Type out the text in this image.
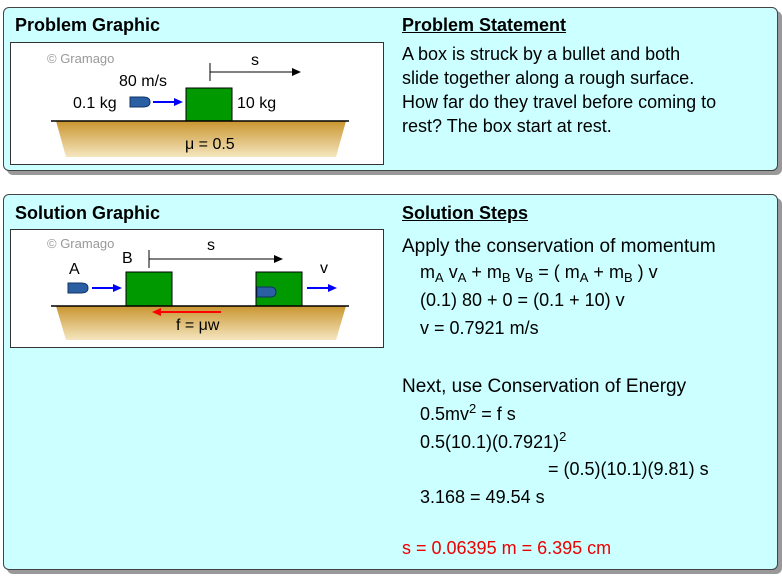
Problem Graphic	Problem Statement
© Gramago	s
80 m/s
0.1 kg	10 kg
μ = 0.5
A box is struck by a bullet and both
slide together along a rough surface.
How far do they travel before coming to
rest? The box start at rest.
Solution Graphic	Solution Steps
© Gramago	s
A
B
v
f = μw
Apply the conservation of momentum
$m_A$ $v_A + m_B$ $v_B$ = ( $m_A + m_B$ ) v
(0.1) 80 + 0 = (0.1 + 10) v
v = 0.7921 m/s
Next, use Conservation of Energy
$0.5mv^2 = f$ s
$0.5(10.1)(0.7921)^2$
= (0.5)(10.1)(9.81) s
3.168 = 49.54 s
s = 0.06395 m = 6.395 cm
